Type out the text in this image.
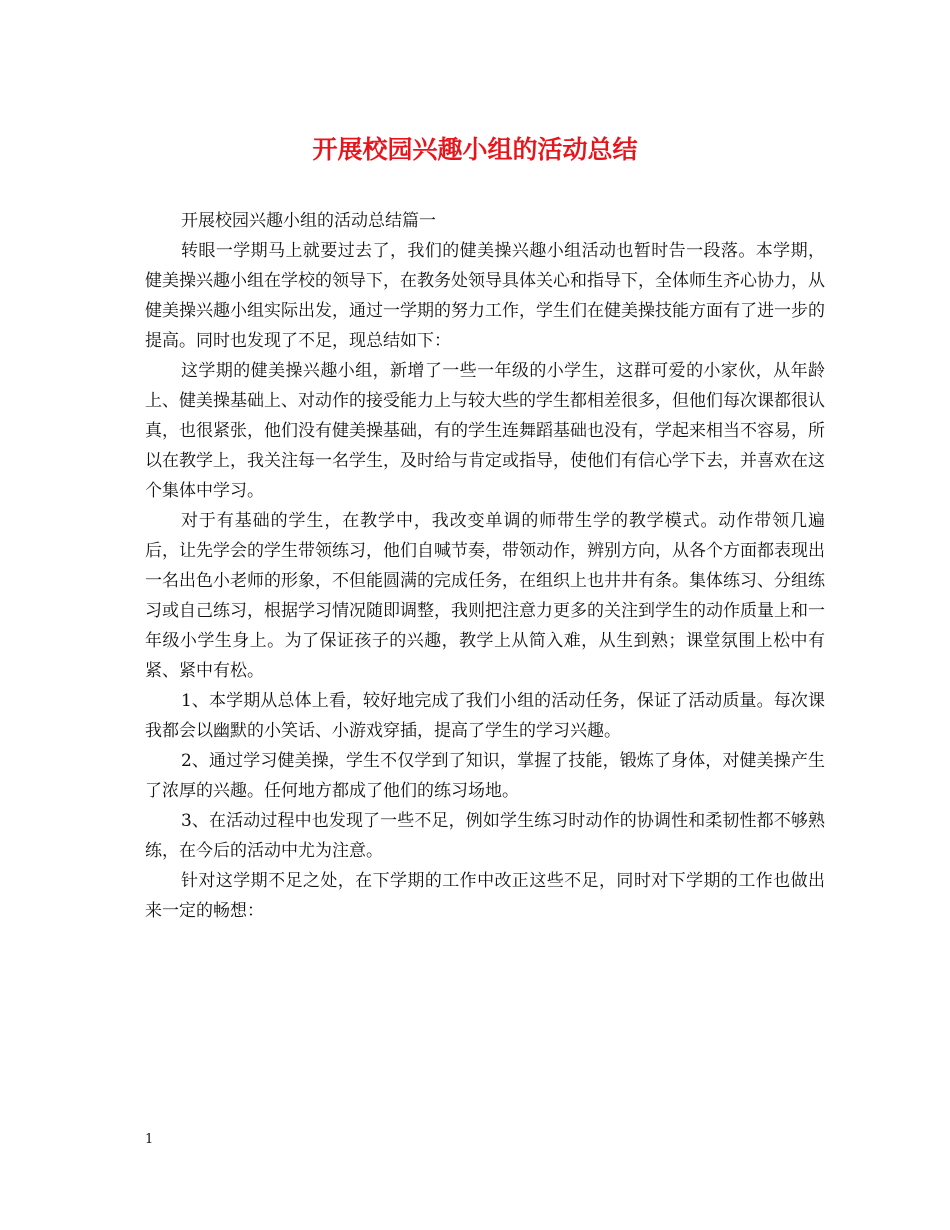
开展校园兴趣小组的活动总结

开展校园兴趣小组的活动总结篇一

转眼一学期马上就要过去了，我们的健美操兴趣小组活动也暂时告一段落。本学期，健美操兴趣小组在学校的领导下，在教务处领导具体关心和指导下，全体师生齐心协力，从健美操兴趣小组实际出发，通过一学期的努力工作，学生们在健美操技能方面有了进一步的提高。同时也发现了不足，现总结如下：

这学期的健美操兴趣小组，新增了一些一年级的小学生，这群可爱的小家伙，从年龄上、健美操基础上、对动作的接受能力上与较大些的学生都相差很多，但他们每次课都很认真，也很紧张，他们没有健美操基础，有的学生连舞蹈基础也没有，学起来相当不容易，所以在教学上，我关注每一名学生，及时给与肯定或指导，使他们有信心学下去，并喜欢在这个集体中学习。

对于有基础的学生，在教学中，我改变单调的师带生学的教学模式。动作带领几遍后，让先学会的学生带领练习，他们自喊节奏，带领动作，辨别方向，从各个方面都表现出一名出色小老师的形象，不但能圆满的完成任务，在组织上也井井有条。集体练习、分组练习或自己练习，根据学习情况随即调整，我则把注意力更多的关注到学生的动作质量上和一年级小学生身上。为了保证孩子的兴趣，教学上从简入难，从生到熟；课堂氛围上松中有紧、紧中有松。

1、本学期从总体上看，较好地完成了我们小组的活动任务，保证了活动质量。每次课我都会以幽默的小笑话、小游戏穿插，提高了学生的学习兴趣。

2、通过学习健美操，学生不仅学到了知识，掌握了技能，锻炼了身体，对健美操产生了浓厚的兴趣。任何地方都成了他们的练习场地。

3、在活动过程中也发现了一些不足，例如学生练习时动作的协调性和柔韧性都不够熟练，在今后的活动中尤为注意。

针对这学期不足之处，在下学期的工作中改正这些不足，同时对下学期的工作也做出来一定的畅想：

1
